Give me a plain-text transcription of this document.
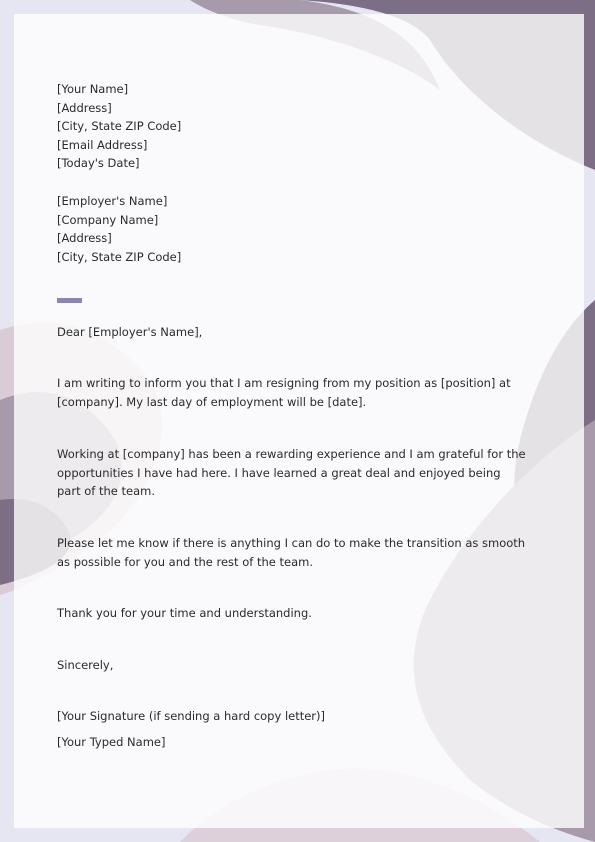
[Your Name]
[Address]
[City, State ZIP Code]
[Email Address]
[Today's Date]
[Employer's Name]
[Company Name]
[Address]
[City, State ZIP Code]
Dear [Employer's Name],
I am writing to inform you that I am resigning from my position as [position] at [company]. My last day of employment will be [date].
Working at [company] has been a rewarding experience and I am grateful for the opportunities I have had here. I have learned a great deal and enjoyed being part of the team.
Please let me know if there is anything I can do to make the transition as smooth as possible for you and the rest of the team.
Thank you for your time and understanding.
Sincerely,
[Your Signature (if sending a hard copy letter)]
[Your Typed Name]
